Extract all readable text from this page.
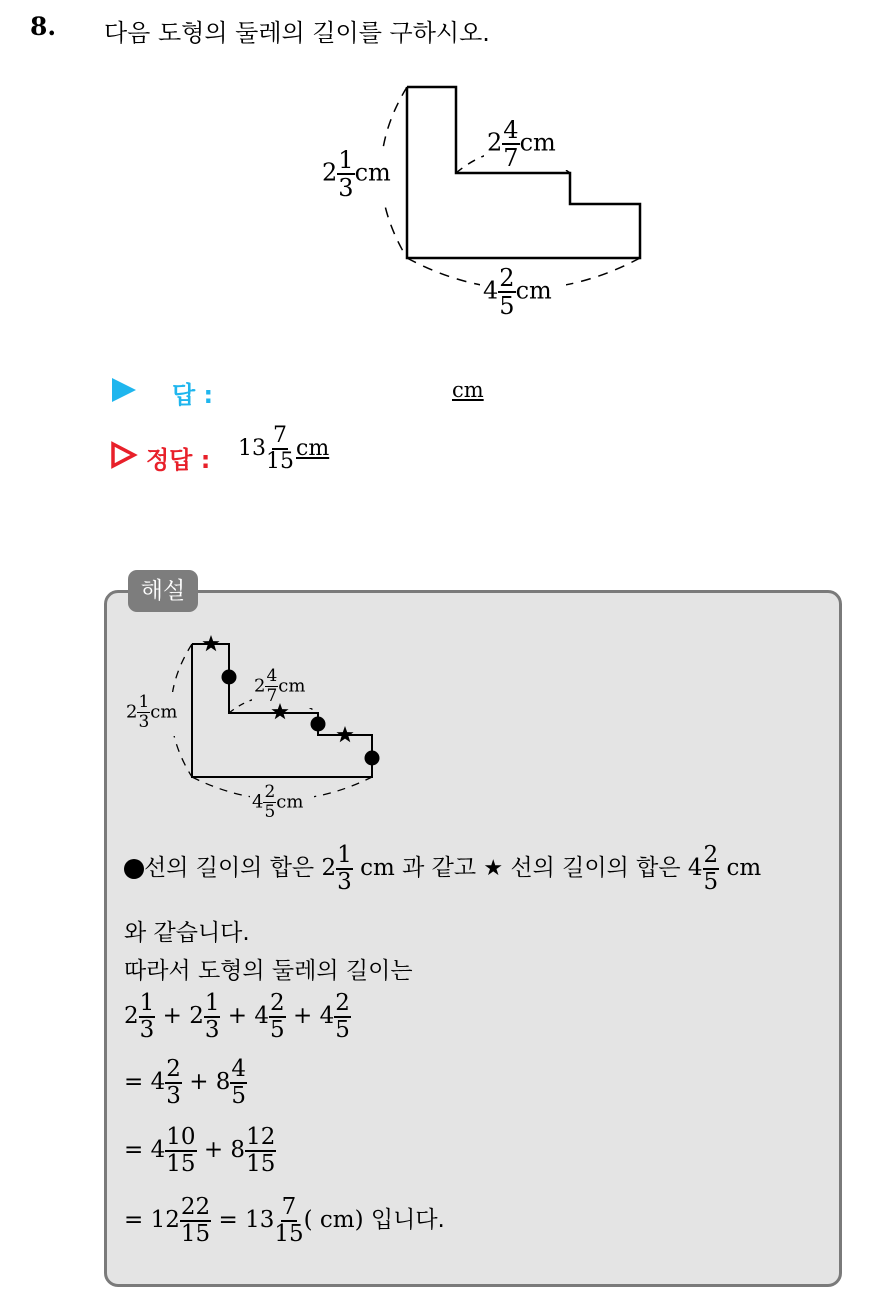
8. 다음 도형의 둘레의 길이를 구하시오.
$2 \frac{1}{3}$ cm
$2 \frac{4}{7}$ cm
$4 \frac{2}{5}$ cm
답 :	cm
정답 : $13 \frac{7}{15}$ cm
해설
$2 \frac{1}{3}$ cm
$2 \frac{4}{7}$ cm
$4 \frac{2}{5}$ cm
선의 길이의 합은 $2 \frac{1}{3}$ cm 과 같고 ★ 선의 길이의 합은 $4 \frac{2}{5}$ cm
와 같습니다.
따라서 도형의 둘레의 길이는
$2 \frac{1}{3} + 2 \frac{1}{3} + 4 \frac{2}{5} + 4 \frac{2}{5}$
= $4 \frac{2}{3} + 8 \frac{4}{5}$
= $4 \frac{10}{15} + 8 \frac{12}{15}$
= $12 \frac{22}{15} = 13 \frac{7}{15}$ ( cm) 입니다.
